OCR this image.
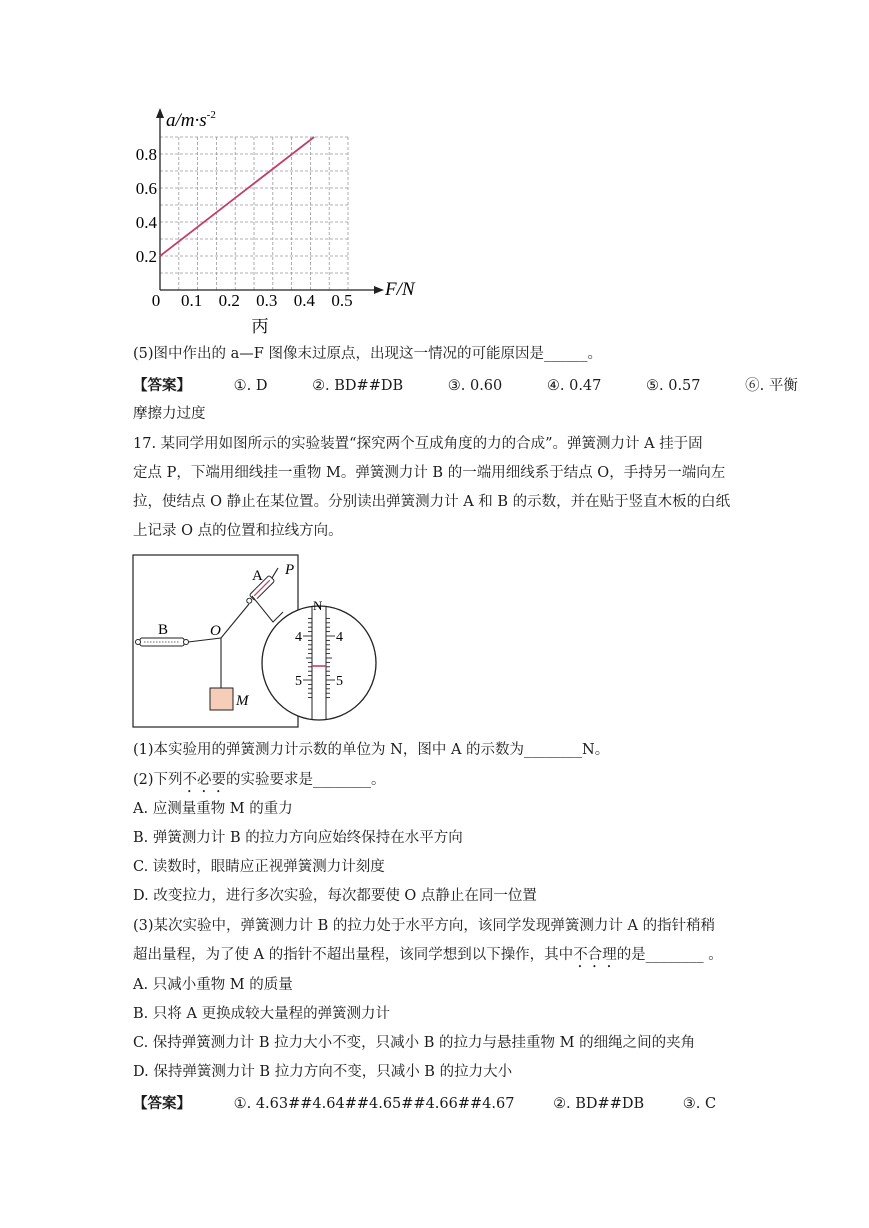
$a/m\cdot s^{-2}$
F/N
0
0.2
0.4
0.6
0.8
0.1 0.2 0.3 0.4 0.5
丙
(5)图中作出的 a—F 图像末过原点，出现这一情况的可能原因是______。
【答案】	①. D	②. BD##DB	③. 0.60	④. 0.47	⑤. 0.57	⑥. 平衡
摩擦力过度
17. 某同学用如图所示的实验装置“探究两个互成角度的力的合成”。弹簧测力计 A 挂于固
定点 P，下端用细线挂一重物 M。弹簧测力计 B 的一端用细线系于结点 O，手持另一端向左
拉，使结点 O 静止在某位置。分别读出弹簧测力计 A 和 B 的示数，并在贴于竖直木板的白纸
上记录 O 点的位置和拉线方向。
A P
B	O
M
N
4 4
5 5
(1)本实验用的弹簧测力计示数的单位为 N，图中 A 的示数为________N。
(2)下列不必要的实验要求是________。
A. 应测量重物 M 的重力
B. 弹簧测力计 B 的拉力方向应始终保持在水平方向
C. 读数时，眼睛应正视弹簧测力计刻度
D. 改变拉力，进行多次实验，每次都要使 O 点静止在同一位置
(3)某次实验中，弹簧测力计 B 的拉力处于水平方向，该同学发现弹簧测力计 A 的指针稍稍
超出量程，为了使 A 的指针不超出量程，该同学想到以下操作，其中不合理的是________ 。
A. 只减小重物 M 的质量
B. 只将 A 更换成较大量程的弹簧测力计
C. 保持弹簧测力计 B 拉力大小不变，只减小 B 的拉力与悬挂重物 M 的细绳之间的夹角
D. 保持弹簧测力计 B 拉力方向不变，只减小 B 的拉力大小
【答案】	①. 4.63##4.64##4.65##4.66##4.67	②. BD##DB	③. C
